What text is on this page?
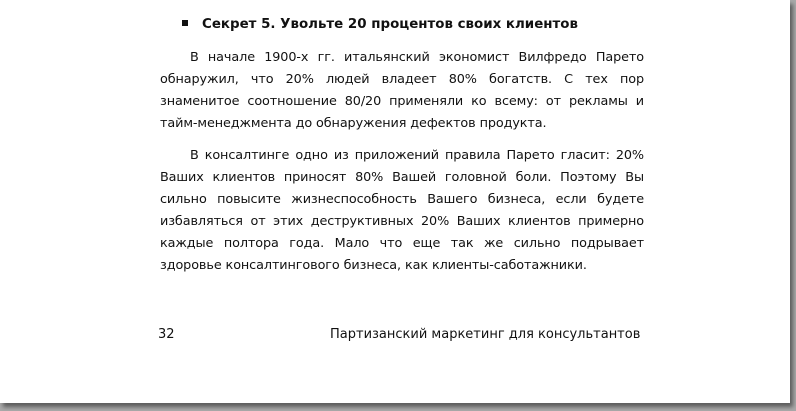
Секрет 5. Увольте 20 процентов своих клиентов

В начале 1900-х гг. итальянский экономист Вилфредо Парето обнаружил, что 20% людей владеет 80% богатств. С тех пор знаменитое соотношение 80/20 применяли ко всему: от рекламы и тайм-менеджмента до обнаружения дефектов продукта.

В консалтинге одно из приложений правила Парето гласит: 20% Ваших клиентов приносят 80% Вашей головной боли. Поэтому Вы сильно повысите жизнеспособность Вашего бизнеса, если будете избавляться от этих деструктивных 20% Ваших клиентов примерно каждые полтора года. Мало что еще так же сильно подрывает здоровье консалтингового бизнеса, как клиенты-саботажники.

32	Партизанский маркетинг для консультантов
